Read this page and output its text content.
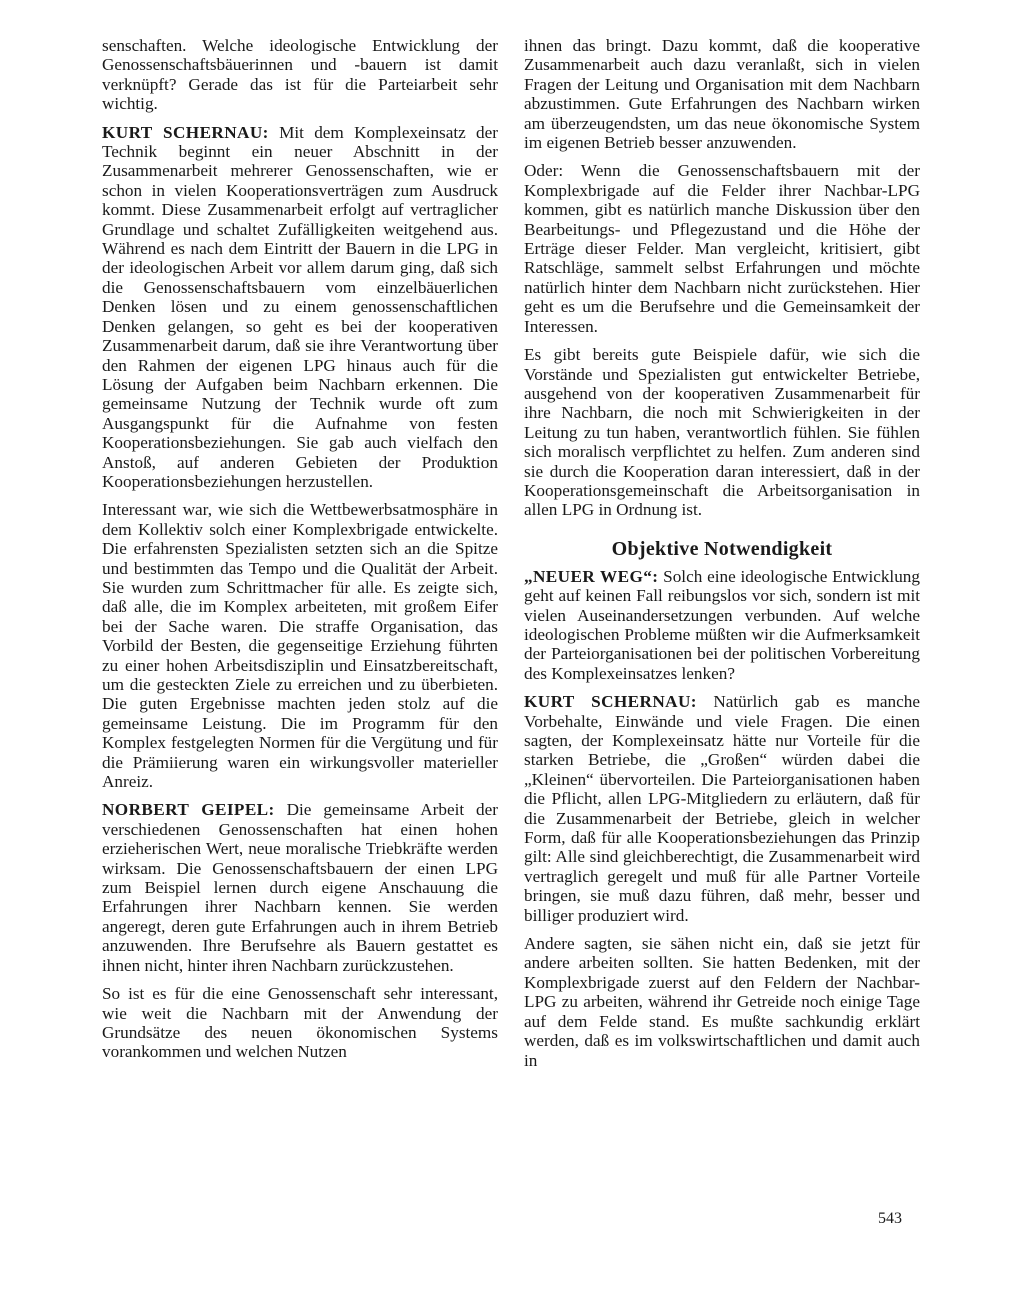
senschaften. Welche ideologische Entwicklung der Genossenschaftsbäuerinnen und -bauern ist damit verknüpft? Gerade das ist für die Parteiarbeit sehr wichtig.

KURT SCHERNAU: Mit dem Komplexeinsatz der Technik beginnt ein neuer Abschnitt in der Zusammenarbeit mehrerer Genossenschaften, wie er schon in vielen Kooperationsverträgen zum Ausdruck kommt. Diese Zusammenarbeit erfolgt auf vertraglicher Grundlage und schaltet Zufälligkeiten weitgehend aus. Während es nach dem Eintritt der Bauern in die LPG in der ideologischen Arbeit vor allem darum ging, daß sich die Genossenschaftsbauern vom einzelbäuerlichen Denken lösen und zu einem genossenschaftlichen Denken gelangen, so geht es bei der kooperativen Zusammenarbeit darum, daß sie ihre Verantwortung über den Rahmen der eigenen LPG hinaus auch für die Lösung der Aufgaben beim Nachbarn erkennen. Die gemeinsame Nutzung der Technik wurde oft zum Ausgangspunkt für die Aufnahme von festen Kooperationsbeziehungen. Sie gab auch vielfach den Anstoß, auf anderen Gebieten der Produktion Kooperationsbeziehungen herzustellen.

Interessant war, wie sich die Wettbewerbsatmosphäre in dem Kollektiv solch einer Komplexbrigade entwickelte. Die erfahrensten Spezialisten setzten sich an die Spitze und bestimmten das Tempo und die Qualität der Arbeit. Sie wurden zum Schrittmacher für alle. Es zeigte sich, daß alle, die im Komplex arbeiteten, mit großem Eifer bei der Sache waren. Die straffe Organisation, das Vorbild der Besten, die gegenseitige Erziehung führten zu einer hohen Arbeitsdisziplin und Einsatzbereitschaft, um die gesteckten Ziele zu erreichen und zu überbieten. Die guten Ergebnisse machten jeden stolz auf die gemeinsame Leistung. Die im Programm für den Komplex festgelegten Normen für die Vergütung und für die Prämiierung waren ein wirkungsvoller materieller Anreiz.

NORBERT GEIPEL: Die gemeinsame Arbeit der verschiedenen Genossenschaften hat einen hohen erzieherischen Wert, neue moralische Triebkräfte werden wirksam. Die Genossenschaftsbauern der einen LPG zum Beispiel lernen durch eigene Anschauung die Erfahrungen ihrer Nachbarn kennen. Sie werden angeregt, deren gute Erfahrungen auch in ihrem Betrieb anzuwenden. Ihre Berufsehre als Bauern gestattet es ihnen nicht, hinter ihren Nachbarn zurückzustehen.

So ist es für die eine Genossenschaft sehr interessant, wie weit die Nachbarn mit der Anwendung der Grundsätze des neuen ökonomischen Systems vorankommen und welchen Nutzen

ihnen das bringt. Dazu kommt, daß die kooperative Zusammenarbeit auch dazu veranlaßt, sich in vielen Fragen der Leitung und Organisation mit dem Nachbarn abzustimmen. Gute Erfahrungen des Nachbarn wirken am überzeugendsten, um das neue ökonomische System im eigenen Betrieb besser anzuwenden.

Oder: Wenn die Genossenschaftsbauern mit der Komplexbrigade auf die Felder ihrer Nachbar-LPG kommen, gibt es natürlich manche Diskussion über den Bearbeitungs- und Pflegezustand und die Höhe der Erträge dieser Felder. Man vergleicht, kritisiert, gibt Ratschläge, sammelt selbst Erfahrungen und möchte natürlich hinter dem Nachbarn nicht zurückstehen. Hier geht es um die Berufsehre und die Gemeinsamkeit der Interessen.

Es gibt bereits gute Beispiele dafür, wie sich die Vorstände und Spezialisten gut entwickelter Betriebe, ausgehend von der kooperativen Zusammenarbeit für ihre Nachbarn, die noch mit Schwierigkeiten in der Leitung zu tun haben, verantwortlich fühlen. Sie fühlen sich moralisch verpflichtet zu helfen. Zum anderen sind sie durch die Kooperation daran interessiert, daß in der Kooperationsgemeinschaft die Arbeitsorganisation in allen LPG in Ordnung ist.

Objektive Notwendigkeit

„NEUER WEG“: Solch eine ideologische Entwicklung geht auf keinen Fall reibungslos vor sich, sondern ist mit vielen Auseinandersetzungen verbunden. Auf welche ideologischen Probleme müßten wir die Aufmerksamkeit der Parteiorganisationen bei der politischen Vorbereitung des Komplexeinsatzes lenken?

KURT SCHERNAU: Natürlich gab es manche Vorbehalte, Einwände und viele Fragen. Die einen sagten, der Komplexeinsatz hätte nur Vorteile für die starken Betriebe, die „Großen“ würden dabei die „Kleinen“ übervorteilen. Die Parteiorganisationen haben die Pflicht, allen LPG-Mitgliedern zu erläutern, daß für die Zusammenarbeit der Betriebe, gleich in welcher Form, daß für alle Kooperationsbeziehungen das Prinzip gilt: Alle sind gleichberechtigt, die Zusammenarbeit wird vertraglich geregelt und muß für alle Partner Vorteile bringen, sie muß dazu führen, daß mehr, besser und billiger produziert wird.

Andere sagten, sie sähen nicht ein, daß sie jetzt für andere arbeiten sollten. Sie hatten Bedenken, mit der Komplexbrigade zuerst auf den Feldern der Nachbar-LPG zu arbeiten, während ihr Getreide noch einige Tage auf dem Felde stand. Es mußte sachkundig erklärt werden, daß es im volkswirtschaftlichen und damit auch in

543
